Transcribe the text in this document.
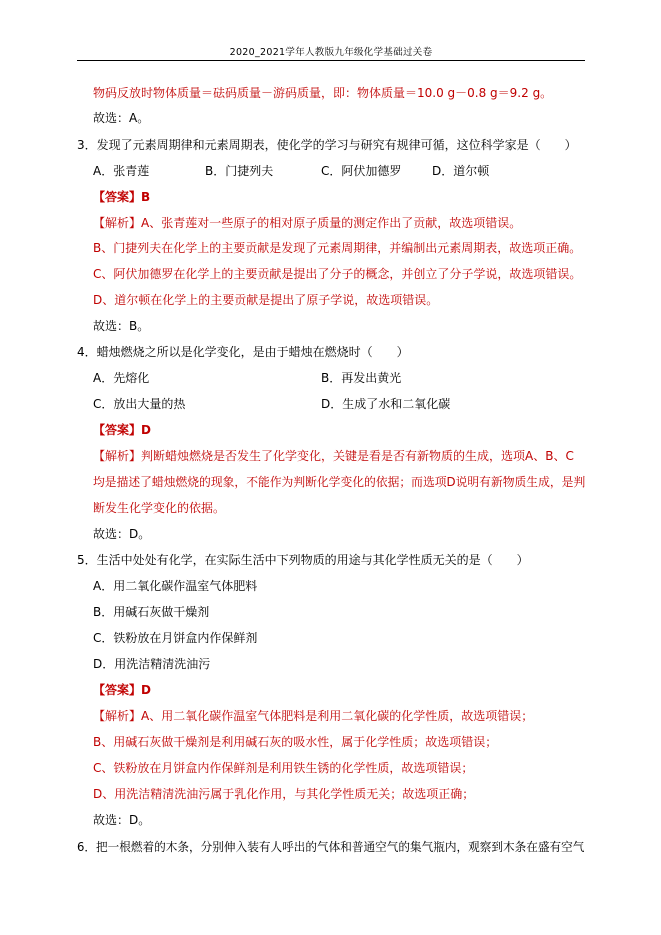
2020_2021学年人教版九年级化学基础过关卷
物码反放时物体质量＝砝码质量－游码质量，即：物体质量＝10.0 g－0.8 g＝9.2 g。
故选：A。
3．发现了元素周期律和元素周期表，使化学的学习与研究有规律可循，这位科学家是（　　）
A．张青莲	B．门捷列夫	C．阿伏加德罗	D．道尔顿
【答案】B
【解析】A、张青莲对一些原子的相对原子质量的测定作出了贡献，故选项错误。
B、门捷列夫在化学上的主要贡献是发现了元素周期律，并编制出元素周期表，故选项正确。
C、阿伏加德罗在化学上的主要贡献是提出了分子的概念，并创立了分子学说，故选项错误。
D、道尔顿在化学上的主要贡献是提出了原子学说，故选项错误。
故选：B。
4．蜡烛燃烧之所以是化学变化，是由于蜡烛在燃烧时（　　）
A．先熔化	B．再发出黄光
C．放出大量的热	D．生成了水和二氧化碳
【答案】D
【解析】判断蜡烛燃烧是否发生了化学变化，关键是看是否有新物质的生成，选项A、B、C
均是描述了蜡烛燃烧的现象，不能作为判断化学变化的依据；而选项D说明有新物质生成，是判
断发生化学变化的依据。
故选：D。
5．生活中处处有化学，在实际生活中下列物质的用途与其化学性质无关的是（　　）
A．用二氧化碳作温室气体肥料
B．用碱石灰做干燥剂
C．铁粉放在月饼盒内作保鲜剂
D．用洗洁精清洗油污
【答案】D
【解析】A、用二氧化碳作温室气体肥料是利用二氧化碳的化学性质，故选项错误；
B、用碱石灰做干燥剂是利用碱石灰的吸水性，属于化学性质；故选项错误；
C、铁粉放在月饼盒内作保鲜剂是利用铁生锈的化学性质，故选项错误；
D、用洗洁精清洗油污属于乳化作用，与其化学性质无关；故选项正确；
故选：D。
6．把一根燃着的木条，分别伸入装有人呼出的气体和普通空气的集气瓶内，观察到木条在盛有空气
